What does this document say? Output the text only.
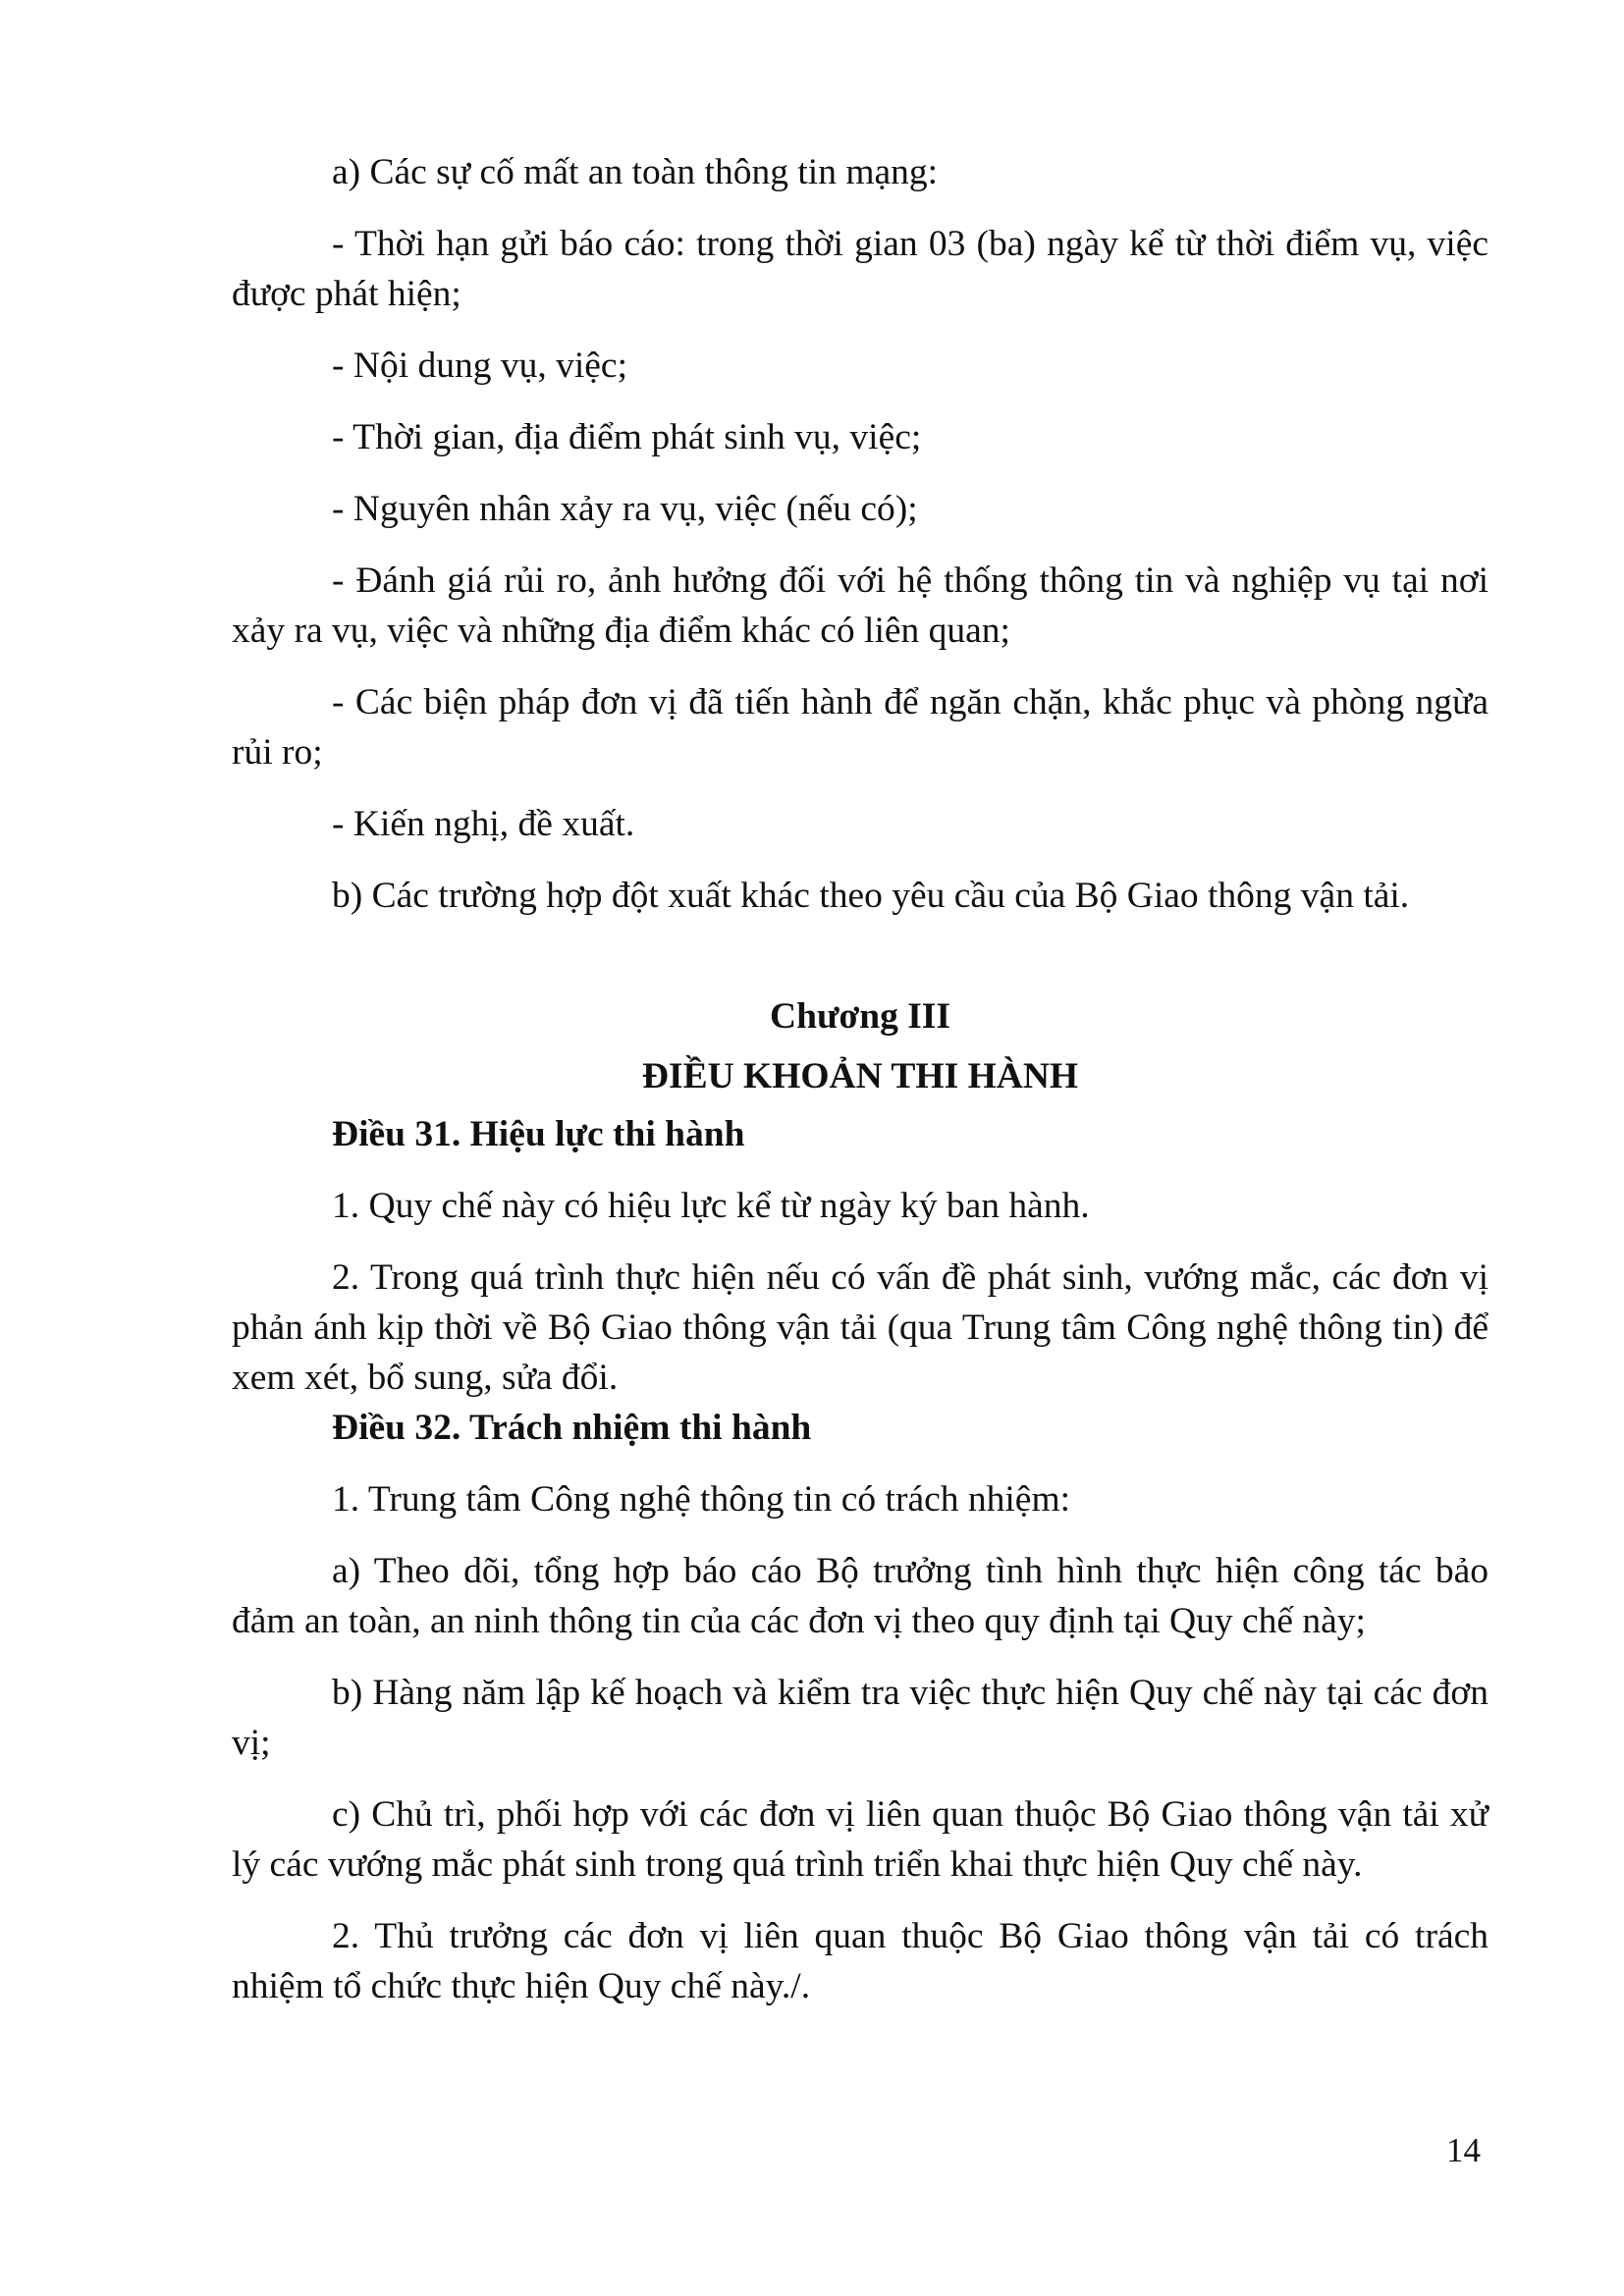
a) Các sự cố mất an toàn thông tin mạng:

- Thời hạn gửi báo cáo: trong thời gian 03 (ba) ngày kể từ thời điểm vụ, việc được phát hiện;

- Nội dung vụ, việc;

- Thời gian, địa điểm phát sinh vụ, việc;

- Nguyên nhân xảy ra vụ, việc (nếu có);

- Đánh giá rủi ro, ảnh hưởng đối với hệ thống thông tin và nghiệp vụ tại nơi xảy ra vụ, việc và những địa điểm khác có liên quan;

- Các biện pháp đơn vị đã tiến hành để ngăn chặn, khắc phục và phòng ngừa rủi ro;

- Kiến nghị, đề xuất.

b) Các trường hợp đột xuất khác theo yêu cầu của Bộ Giao thông vận tải.

Chương III

ĐIỀU KHOẢN THI HÀNH

Điều 31. Hiệu lực thi hành

1. Quy chế này có hiệu lực kể từ ngày ký ban hành.

2. Trong quá trình thực hiện nếu có vấn đề phát sinh, vướng mắc, các đơn vị phản ánh kịp thời về Bộ Giao thông vận tải (qua Trung tâm Công nghệ thông tin) để xem xét, bổ sung, sửa đổi.

Điều 32. Trách nhiệm thi hành

1. Trung tâm Công nghệ thông tin có trách nhiệm:

a) Theo dõi, tổng hợp báo cáo Bộ trưởng tình hình thực hiện công tác bảo đảm an toàn, an ninh thông tin của các đơn vị theo quy định tại Quy chế này;

b) Hàng năm lập kế hoạch và kiểm tra việc thực hiện Quy chế này tại các đơn vị;

c) Chủ trì, phối hợp với các đơn vị liên quan thuộc Bộ Giao thông vận tải xử lý các vướng mắc phát sinh trong quá trình triển khai thực hiện Quy chế này.

2. Thủ trưởng các đơn vị liên quan thuộc Bộ Giao thông vận tải có trách nhiệm tổ chức thực hiện Quy chế này./.

14
